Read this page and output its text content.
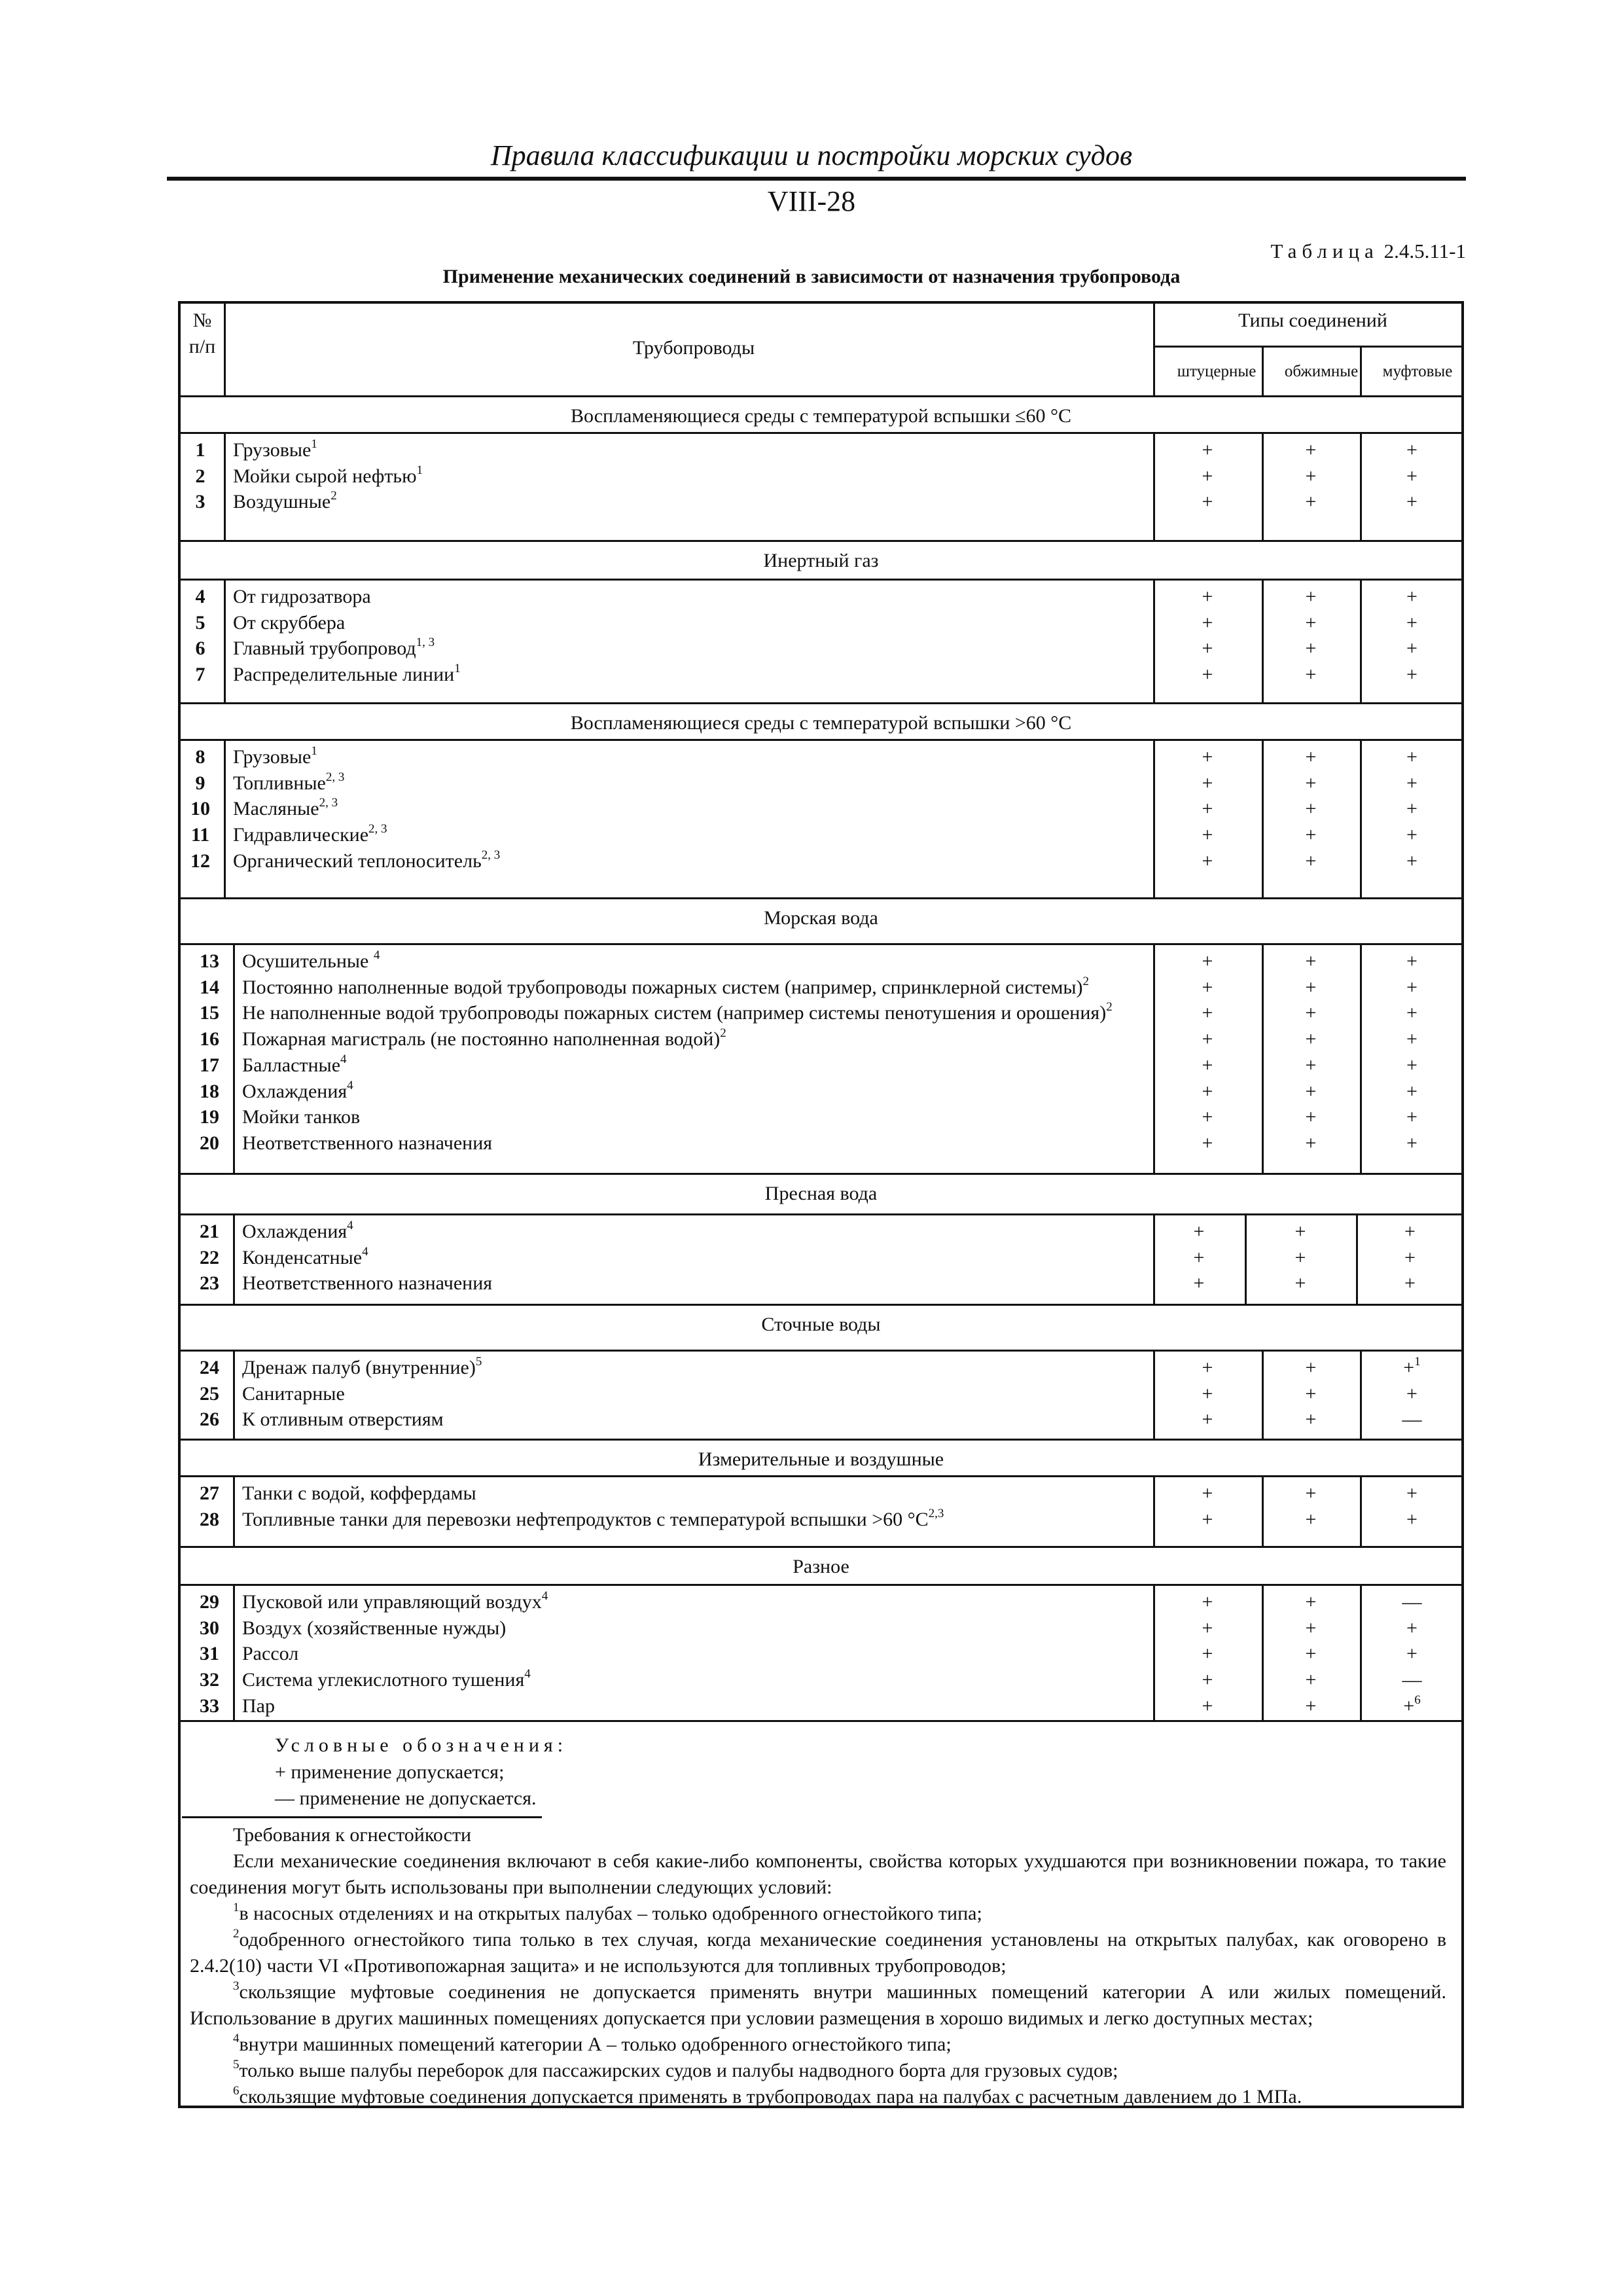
Правила классификации и постройки морских судов
VIII-28
Таблица 2.4.5.11-1
Применение механических соединений в зависимости от назначения трубопровода
№
п/п	Трубопроводы
Типы соединений
штуцерные	обжимные	муфтовые
Воспламеняющиеся среды с температурой вспышки ≤60 °С
1	Грузовые$^1$	+	+	+
2	Мойки сырой нефтью$^1$	+	+	+
3	Воздушные$^2$	+	+	+
Инертный газ
4	От гидрозатвора	+	+	+
5	От скруббера	+	+	+
6	Главный трубопровод$^{1, 3}$	+	+	+
7	Распределительные линии$^1$	+	+	+
Воспламеняющиеся среды с температурой вспышки >60 °С
8	Грузовые$^1$	+	+	+
9	Топливные$^{2, 3}$	+	+	+
10	Масляные$^{2, 3}$	+	+	+
11	Гидравлические$^{2, 3}$	+	+	+
12	Органический теплоноситель$^{2, 3}$	+	+	+
Морская вода
13	Осушительные $^4$	+	+	+
14	Постоянно наполненные водой трубопроводы пожарных систем (например, спринклерной системы)$^2$	+	+	+
15	Не наполненные водой трубопроводы пожарных систем (например системы пенотушения и орошения)$^2$	+	+	+
16	Пожарная магистраль (не постоянно наполненная водой)$^2$	+	+	+
17	Балластные$^4$	+	+	+
18	Охлаждения$^4$	+	+	+
19	Мойки танков	+	+	+
20	Неответственного назначения	+	+	+
Пресная вода
21	Охлаждения$^4$	+	+	+
22	Конденсатные$^4$	+	+	+
23	Неответственного назначения	+	+	+
Сточные воды
24	Дренаж палуб (внутренние)$^5$	+	+	+$^1$
25	Санитарные	+	+	+
26	К отливным отверстиям	+	+	—
Измерительные и воздушные
27	Танки с водой, коффердамы	+	+	+
28	Топливные танки для перевозки нефтепродуктов с температурой вспышки >60 $^\circ С^{2,3}$	+	+	+
Разное
29	Пусковой или управляющий воздух$^4$	+	+	—
30	Воздух (хозяйственные нужды)	+	+	+
31	Рассол	+	+	+
32	Система углекислотного тушения$^4$	+	+	—
33	Пар	+	+	+$^6$
Условные обозначения:
+ применение допускается;
— применение не допускается.

Требования к огнестойкости

Если механические соединения включают в себя какие-либо компоненты, свойства которых ухудшаются при возникновении пожара, то такие соединения могут быть использованы при выполнении следующих условий:

$^1$в насосных отделениях и на открытых палубах – только одобренного огнестойкого типа;

$^2$одобренного огнестойкого типа только в тех случая, когда механические соединения установлены на открытых палубах, как оговорено в 2.4.2(10) части VI «Противопожарная защита» и не используются для топливных трубопроводов;

$^3$скользящие муфтовые соединения не допускается применять внутри машинных помещений категории А или жилых помещений. Использование в других машинных помещениях допускается при условии размещения в хорошо видимых и легко доступных местах;

$^4$внутри машинных помещений категории А – только одобренного огнестойкого типа;

$^5$только выше палубы переборок для пассажирских судов и палубы надводного борта для грузовых судов;

$^6$скользящие муфтовые соединения допускается применять в трубопроводах пара на палубах с расчетным давлением до 1 МПа.
